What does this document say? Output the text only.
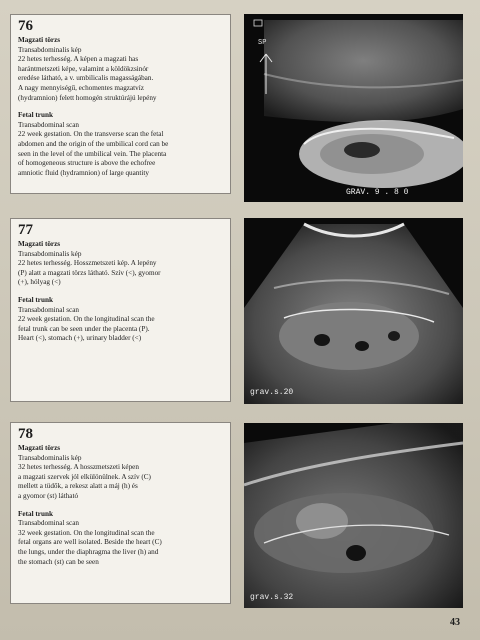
76

Magzati törzs

Transabdominalis kép

22 hetes terhesség. A képen a magzati has

harántmetszeti képe, valamint a köldökzsinór

eredése látható, a v. umbilicalis magasságában.

A nagy mennyiségű, echomentes magzatvíz

(hydramnion) felett homogén struktúrájú lepény

Fetal trunk

Transabdominal scan

22 week gestation. On the transverse scan the fetal

abdomen and the origin of the umbilical cord can be

seen in the level of the umbilical vein. The placenta

of homogeneous structure is above the echofree

amniotic fluid (hydramnion) of large quantity

SP
GRAV. 9 . 8 0
77

Magzati törzs

Transabdominalis kép

22 hetes terhesség. Hosszmetszeti kép. A lepény

(P) alatt a magzati törzs látható. Szív (<), gyomor

(+), hólyag (<)

Fetal trunk

Transabdominal scan

22 week gestation. On the longitudinal scan the

fetal trunk can be seen under the placenta (P).

Heart (<), stomach (+), urinary bladder (<)

grav.s.20
78

Magzati törzs

Transabdominalis kép

32 hetes terhesség. A hosszmetszeti képen

a magzati szervek jól elkülönülnek. A szív (C)

mellett a tüdők, a rekesz alatt a máj (h) és

a gyomor (st) látható

Fetal trunk

Transabdominal scan

32 week gestation. On the longitudinal scan the

fetal organs are well isolated. Beside the heart (C)

the lungs, under the diaphragma the liver (h) and

the stomach (st) can be seen

grav.s.32
43
